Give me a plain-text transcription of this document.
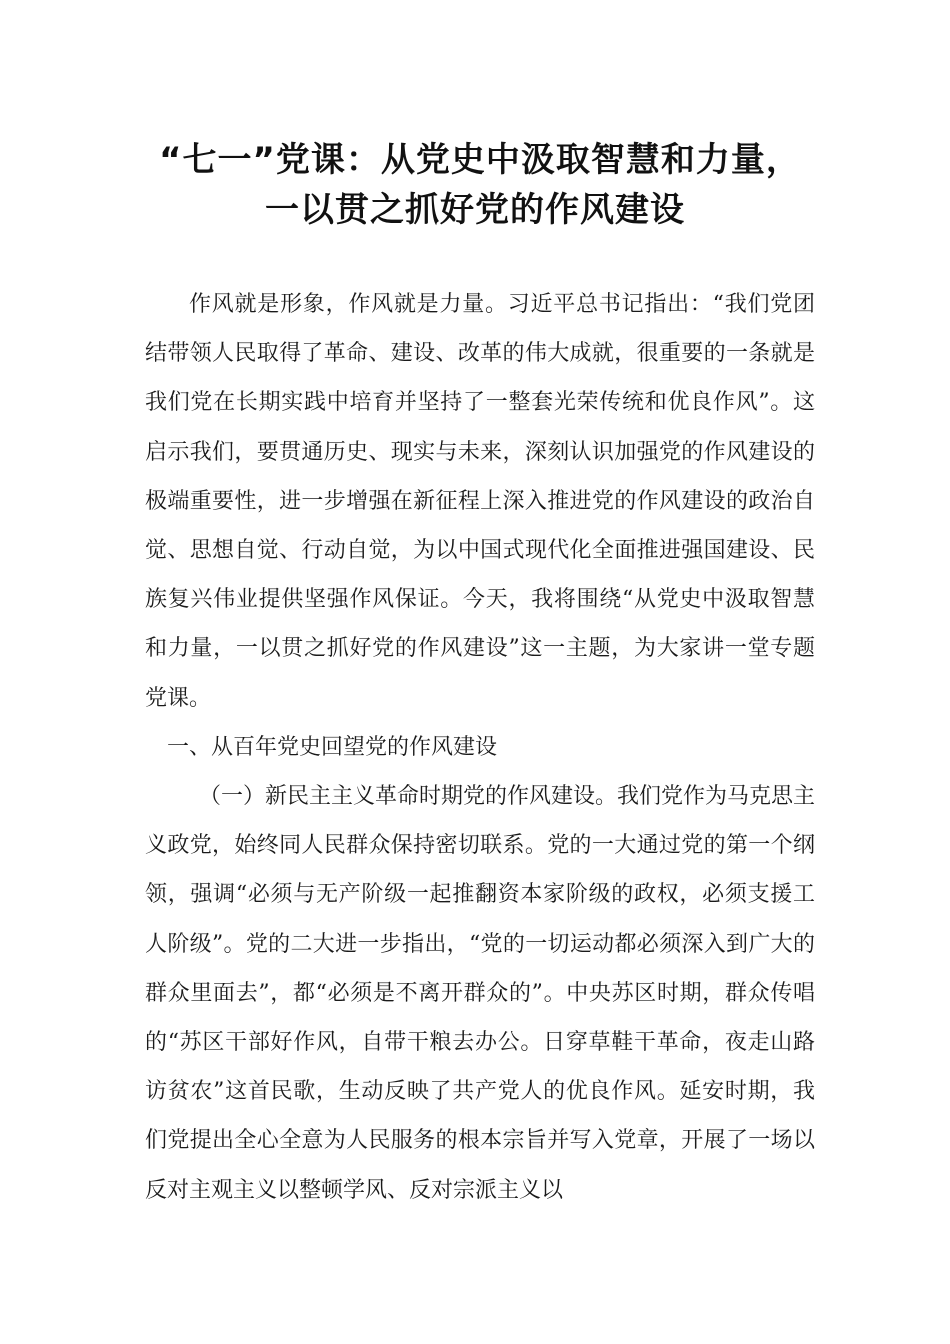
“七一”党课：从党史中汲取智慧和力量，
一以贯之抓好党的作风建设

作风就是形象，作风就是力量。习近平总书记指出：“我们党团结带领人民取得了革命、建设、改革的伟大成就，很重要的一条就是我们党在长期实践中培育并坚持了一整套光荣传统和优良作风”。这启示我们，要贯通历史、现实与未来，深刻认识加强党的作风建设的极端重要性，进一步增强在新征程上深入推进党的作风建设的政治自觉、思想自觉、行动自觉，为以中国式现代化全面推进强国建设、民族复兴伟业提供坚强作风保证。今天，我将围绕“从党史中汲取智慧和力量，一以贯之抓好党的作风建设”这一主题，为大家讲一堂专题党课。

一、从百年党史回望党的作风建设

（一）新民主主义革命时期党的作风建设。我们党作为马克思主义政党，始终同人民群众保持密切联系。党的一大通过党的第一个纲领，强调“必须与无产阶级一起推翻资本家阶级的政权，必须支援工人阶级”。党的二大进一步指出，“党的一切运动都必须深入到广大的群众里面去”，都“必须是不离开群众的”。中央苏区时期，群众传唱的“苏区干部好作风，自带干粮去办公。日穿草鞋干革命，夜走山路访贫农”这首民歌，生动反映了共产党人的优良作风。延安时期，我们党提出全心全意为人民服务的根本宗旨并写入党章，开展了一场以反对主观主义以整顿学风、反对宗派主义以
